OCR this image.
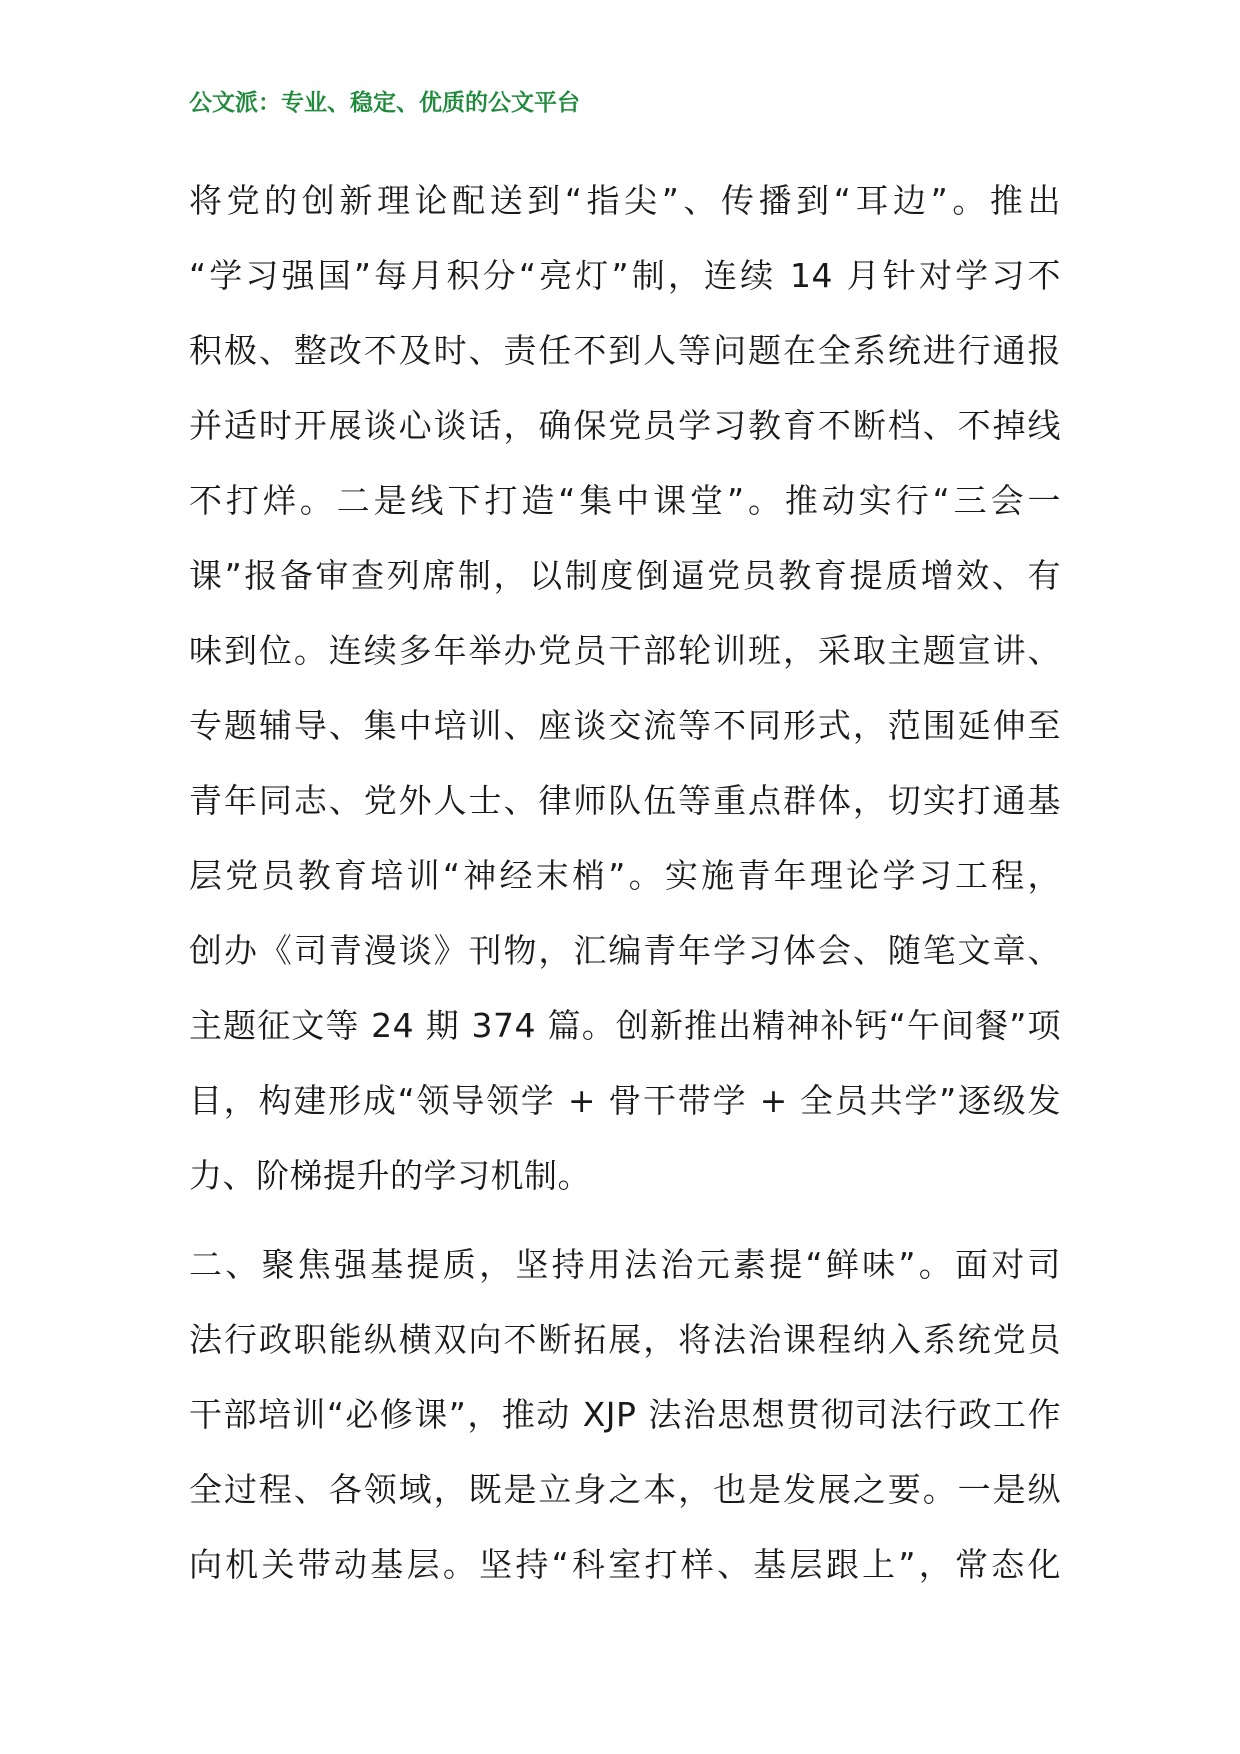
公文派：专业、稳定、优质的公文平台
将党的创新理论配送到“指尖”、传播到“耳边”。推出
“学习强国”每月积分“亮灯”制，连续 14 月针对学习不
积极、整改不及时、责任不到人等问题在全系统进行通报
并适时开展谈心谈话，确保党员学习教育不断档、不掉线
不打烊。二是线下打造“集中课堂”。推动实行“三会一
课”报备审查列席制，以制度倒逼党员教育提质增效、有
味到位。连续多年举办党员干部轮训班，采取主题宣讲、
专题辅导、集中培训、座谈交流等不同形式，范围延伸至
青年同志、党外人士、律师队伍等重点群体，切实打通基
层党员教育培训“神经末梢”。实施青年理论学习工程，
创办《司青漫谈》刊物，汇编青年学习体会、随笔文章、
主题征文等 24 期 374 篇。创新推出精神补钙“午间餐”项
目，构建形成“领导领学 + 骨干带学 + 全员共学”逐级发
力、阶梯提升的学习机制。
二、聚焦强基提质，坚持用法治元素提“鲜味”。面对司
法行政职能纵横双向不断拓展，将法治课程纳入系统党员
干部培训“必修课”，推动 XJP 法治思想贯彻司法行政工作
全过程、各领域，既是立身之本，也是发展之要。一是纵
向机关带动基层。坚持“科室打样、基层跟上”，常态化
